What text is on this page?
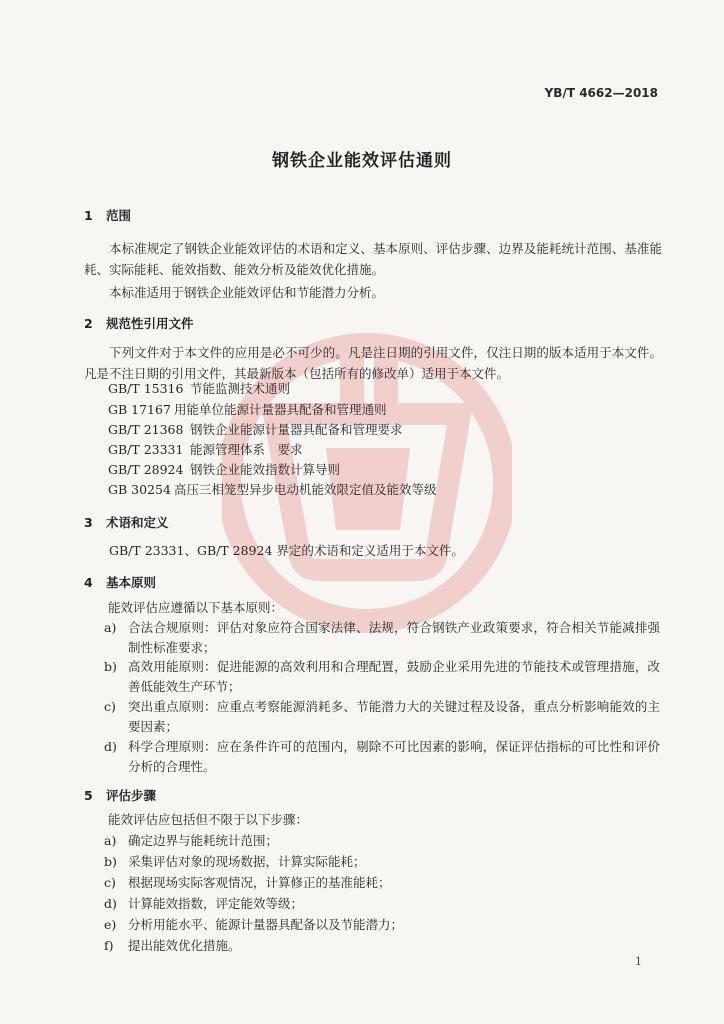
YB/T 4662—2018
钢铁企业能效评估通则
1 范围
本标准规定了钢铁企业能效评估的术语和定义、基本原则、评估步骤、边界及能耗统计范围、基准能耗、实际能耗、能效指数、能效分析及能效优化措施。
本标准适用于钢铁企业能效评估和节能潜力分析。
2 规范性引用文件
下列文件对于本文件的应用是必不可少的。凡是注日期的引用文件，仅注日期的版本适用于本文件。凡是不注日期的引用文件，其最新版本（包括所有的修改单）适用于本文件。
GB/T 15316 节能监测技术通则
GB 17167 用能单位能源计量器具配备和管理通则
GB/T 21368 钢铁企业能源计量器具配备和管理要求
GB/T 23331 能源管理体系　要求
GB/T 28924 钢铁企业能效指数计算导则
GB 30254 高压三相笼型异步电动机能效限定值及能效等级
3 术语和定义
GB/T 23331、GB/T 28924 界定的术语和定义适用于本文件。
4 基本原则
能效评估应遵循以下基本原则：
a) 合法合规原则：评估对象应符合国家法律、法规，符合钢铁产业政策要求，符合相关节能减排强制性标准要求；
b) 高效用能原则：促进能源的高效利用和合理配置，鼓励企业采用先进的节能技术或管理措施，改善低能效生产环节；
c) 突出重点原则：应重点考察能源消耗多、节能潜力大的关键过程及设备，重点分析影响能效的主要因素；
d) 科学合理原则：应在条件许可的范围内，剔除不可比因素的影响，保证评估指标的可比性和评价分析的合理性。
5 评估步骤
能效评估应包括但不限于以下步骤：
a) 确定边界与能耗统计范围；
b) 采集评估对象的现场数据，计算实际能耗；
c) 根据现场实际客观情况，计算修正的基准能耗；
d) 计算能效指数，评定能效等级；
e) 分析用能水平、能源计量器具配备以及节能潜力；
f)	提出能效优化措施。
1
